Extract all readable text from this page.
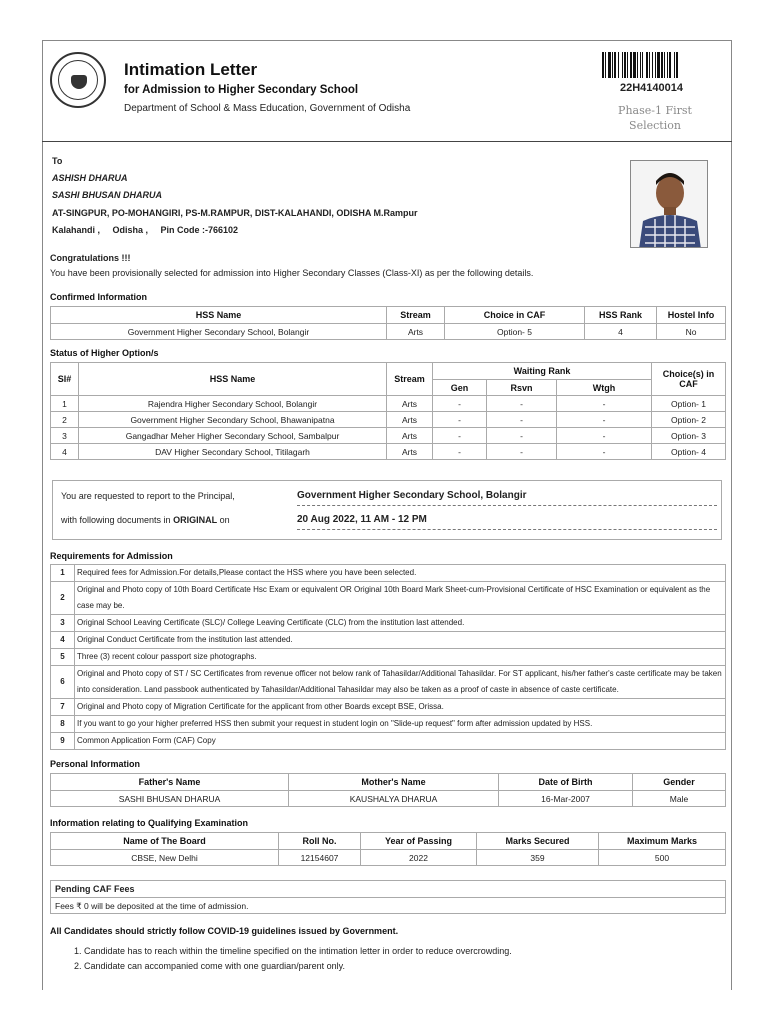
Intimation Letter
for Admission to Higher Secondary School
Department of School & Mass Education, Government of Odisha
22H4140014
Phase-1 First
Selection
To
ASHISH DHARUA
SASHI BHUSAN DHARUA
AT-SINGPUR, PO-MOHANGIRI, PS-M.RAMPUR, DIST-KALAHANDI, ODISHA M.Rampur
Kalahandi ,     Odisha ,     Pin Code :-766102
Congratulations !!!
You have been provisionally selected for admission into Higher Secondary Classes (Class-XI) as per the following details.
Confirmed Information
HSS Name	Stream	Choice in CAF	HSS Rank	Hostel Info
Government Higher Secondary School, Bolangir	Arts	Option- 5	4	No
Status of Higher Option/s
Sl#	HSS Name	Stream	Waiting Rank			Choice(s) in CAF
			Gen	Rsvn	Wtgh	
1	Rajendra Higher Secondary School, Bolangir	Arts	-	-	-	Option- 1
2	Government Higher Secondary School, Bhawanipatna	Arts	-	-	-	Option- 2
3	Gangadhar Meher Higher Secondary School, Sambalpur	Arts	-	-	-	Option- 3
4	DAV Higher Secondary School, Titilagarh	Arts	-	-	-	Option- 4
You are requested to report to the Principal,
with following documents in ORIGINAL on
Government Higher Secondary School, Bolangir
20 Aug 2022, 11 AM - 12 PM
Requirements for Admission
1	Required fees for Admission.For details,Please contact the HSS where you have been selected.
2	Original and Photo copy of 10th Board Certificate Hsc Exam or equivalent OR Original 10th Board Mark Sheet-cum-Provisional Certificate of HSC Examination or equivalent as the case may be.
3	Original School Leaving Certificate (SLC)/ College Leaving Certificate (CLC) from the institution last attended.
4	Original Conduct Certificate from the institution last attended.
5	Three (3) recent colour passport size photographs.
6	Original and Photo copy of ST / SC Certificates from revenue officer not below rank of Tahasildar/Additional Tahasildar. For ST applicant, his/her father's caste certificate may be taken into consideration. Land passbook authenticated by Tahasildar/Additional Tahasildar may also be taken as a proof of caste in absence of caste certificate.
7	Original and Photo copy of Migration Certificate for the applicant from other Boards except BSE, Orissa.
8	If you want to go your higher preferred HSS then submit your request in student login on "Slide-up request" form after admission updated by HSS.
9	Common Application Form (CAF) Copy
Personal Information
Father's Name	Mother's Name	Date of Birth	Gender
SASHI BHUSAN DHARUA	KAUSHALYA DHARUA	16-Mar-2007	Male
Information relating to Qualifying Examination
Name of The Board	Roll No.	Year of Passing	Marks Secured	Maximum Marks
CBSE, New Delhi	12154607	2022	359	500
Pending CAF Fees
Fees ₹ 0 will be deposited at the time of admission.
All Candidates should strictly follow COVID-19 guidelines issued by Government.
1. Candidate has to reach within the timeline specified on the intimation letter in order to reduce overcrowding.
2. Candidate can accompanied come with one guardian/parent only.
